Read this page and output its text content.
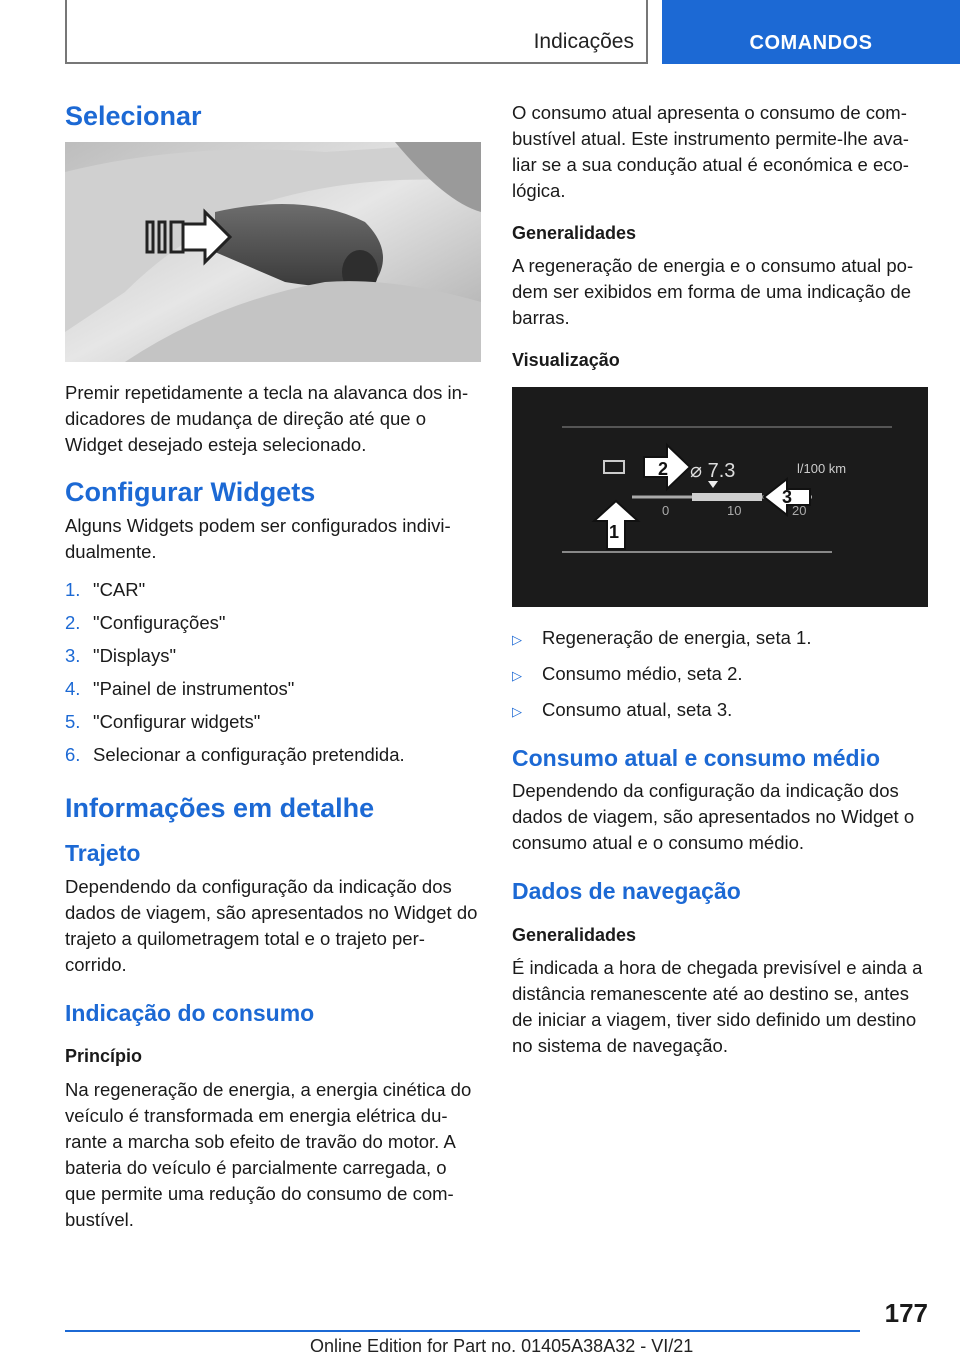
Indicações	COMANDOS
Selecionar

Premir repetidamente a tecla na alavanca dos in-dicadores de mudança de direção até que o Widget desejado esteja selecionado.

Configurar Widgets

Alguns Widgets podem ser configurados indivi-dualmente.

1. "CAR"
2. "Configurações"
3. "Displays"
4. "Painel de instrumentos"
5. "Configurar widgets"
6. Selecionar a configuração pretendida.
Informações em detalhe
Trajeto

Dependendo da configuração da indicação dos dados de viagem, são apresentados no Widget do trajeto a quilometragem total e o trajeto per-corrido.

Indicação do consumo
Princípio

Na regeneração de energia, a energia cinética do veículo é transformada em energia elétrica du-rante a marcha sob efeito de travão do motor. A bateria do veículo é parcialmente carregada, o que permite uma redução do consumo de com-bustível.

O consumo atual apresenta o consumo de com-bustível atual. Este instrumento permite-lhe ava-liar se a sua condução atual é económica e eco-lógica.

Generalidades

A regeneração de energia e o consumo atual po-dem ser exibidos em forma de uma indicação de barras.

Visualização
⌀ 7.3	l/100 km
0	10	20
2
3
1
▷	Regeneração de energia, seta 1.
▷	Consumo médio, seta 2.
▷	Consumo atual, seta 3.
Consumo atual e consumo médio

Dependendo da configuração da indicação dos dados de viagem, são apresentados no Widget o consumo atual e o consumo médio.

Dados de navegação
Generalidades

É indicada a hora de chegada previsível e ainda a distância remanescente até ao destino se, antes de iniciar a viagem, tiver sido definido um destino no sistema de navegação.

177
Online Edition for Part no. 01405A38A32 - VI/21
